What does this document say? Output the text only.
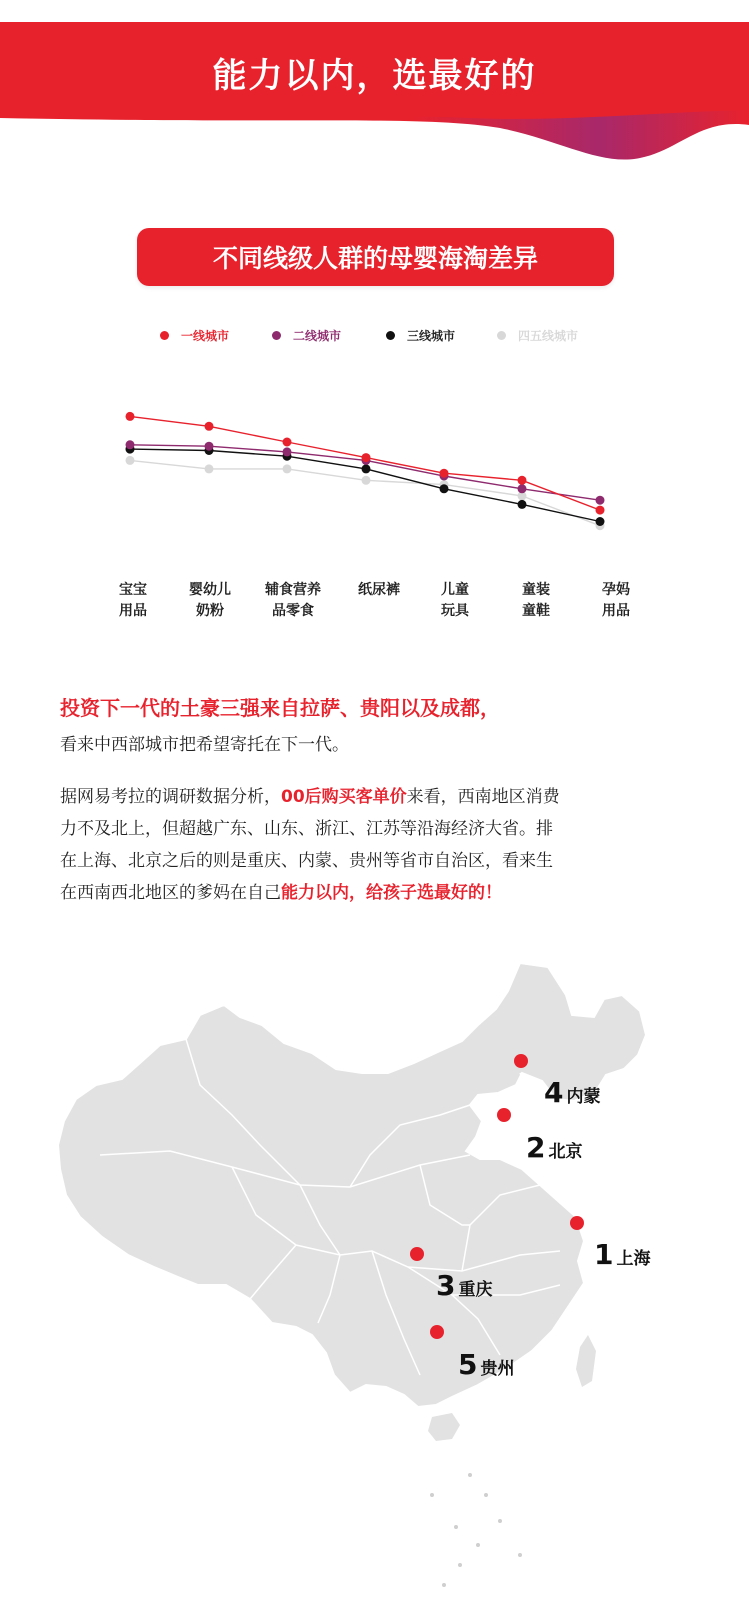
能力以内，选最好的
不同线级人群的母婴海淘差异
一线城市	二线城市	三线城市	四五线城市
宝宝
用品
婴幼儿
奶粉
辅食营养
品零食
纸尿裤	儿童
玩具
童装
童鞋
孕妈
用品
投资下一代的土豪三强来自拉萨、贵阳以及成都，
看来中西部城市把希望寄托在下一代。

据网易考拉的调研数据分析，00后购买客单价来看，西南地区消费

力不及北上，但超越广东、山东、浙江、江苏等沿海经济大省。排

在上海、北京之后的则是重庆、内蒙、贵州等省市自治区，看来生

在西南西北地区的爹妈在自己能力以内，给孩子选最好的！

1 上海
2 北京
3 重庆
4 内蒙
5 贵州
